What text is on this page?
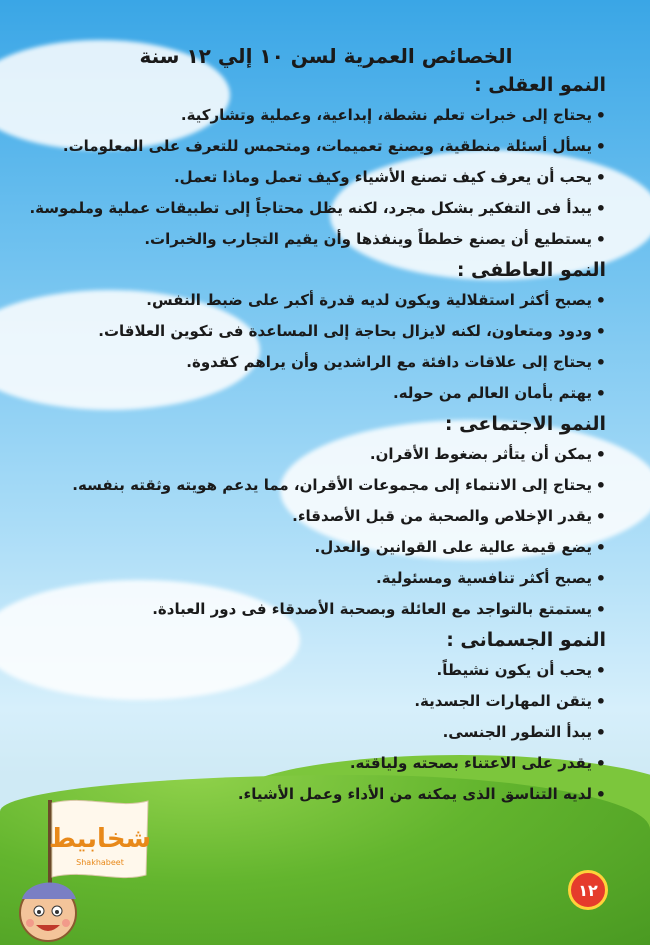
الخصائص العمرية لسن ١٠ إلي ١٢ سنة
النمو العقلى :
• يحتاج إلى خبرات تعلم نشطة، إبداعية، وعملية وتشاركية.
• يسأل أسئلة منطقية، ويصنع تعميمات، ومتحمس للتعرف على المعلومات.
• يحب أن يعرف كيف تصنع الأشياء وكيف تعمل وماذا تعمل.
• يبدأ فى التفكير بشكل مجرد، لكنه يظل محتاجاً إلى تطبيقات عملية وملموسة.
• يستطيع أن يصنع خططاً وينفذها وأن يقيم التجارب والخبرات.
النمو العاطفى :
• يصبح أكثر استقلالية ويكون لديه قدرة أكبر على ضبط النفس.
• ودود ومتعاون، لكنه لايزال بحاجة إلى المساعدة فى تكوين العلاقات.
• يحتاج إلى علاقات دافئة مع الراشدين وأن يراهم كقدوة.
• يهتم بأمان العالم من حوله.
النمو الاجتماعى :
• يمكن أن يتأثر بضغوط الأقران.
• يحتاج إلى الانتماء إلى مجموعات الأقران، مما يدعم هويته وثقته بنفسه.
• يقدر الإخلاص والصحبة من قبل الأصدقاء.
• يضع قيمة عالية على القوانين والعدل.
• يصبح أكثر تنافسية ومسئولية.
• يستمتع بالتواجد مع العائلة وبصحبة الأصدقاء فى دور العبادة.
النمو الجسمانى :
• يحب أن يكون نشيطاً.
• يتقن المهارات الجسدية.
• يبدأ التطور الجنسى.
• يقدر على الاعتناء بصحته ولياقته.
• لديه التناسق الذى يمكنه من الأداء وعمل الأشياء.
شخابيط
Shakhabeet
١٢
